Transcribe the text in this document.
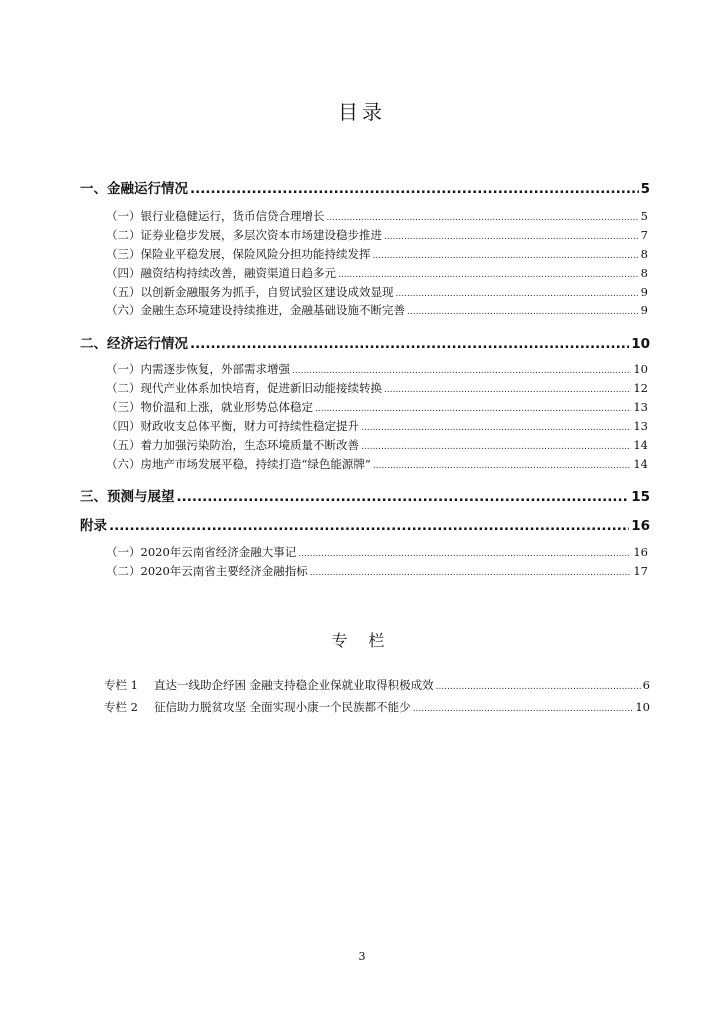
目录
一、金融运行情况 .....	5
（一）银行业稳健运行，货币信贷合理增长 .....	5
（二）证券业稳步发展，多层次资本市场建设稳步推进 .....	7
（三）保险业平稳发展，保险风险分担功能持续发挥 .....	8
（四）融资结构持续改善，融资渠道日趋多元 .....	8
（五）以创新金融服务为抓手，自贸试验区建设成效显现 .....	9
（六）金融生态环境建设持续推进，金融基础设施不断完善 .....	9
二、经济运行情况 .....	10
（一）内需逐步恢复，外部需求增强 .....	10
（二）现代产业体系加快培育，促进新旧动能接续转换 .....	12
（三）物价温和上涨，就业形势总体稳定 .....	13
（四）财政收支总体平衡，财力可持续性稳定提升 .....	13
（五）着力加强污染防治，生态环境质量不断改善 .....	14
（六）房地产市场发展平稳，持续打造“绿色能源牌” .....	14
三、预测与展望 .....	15
附录 .....	16
（一）2020年云南省经济金融大事记 .....	16
（二）2020年云南省主要经济金融指标 .....	17
专 栏
专栏 1 直达一线助企纾困 金融支持稳企业保就业取得积极成效 .....	6
专栏 2 征信助力脱贫攻坚 全面实现小康一个民族都不能少 .....	10
3
